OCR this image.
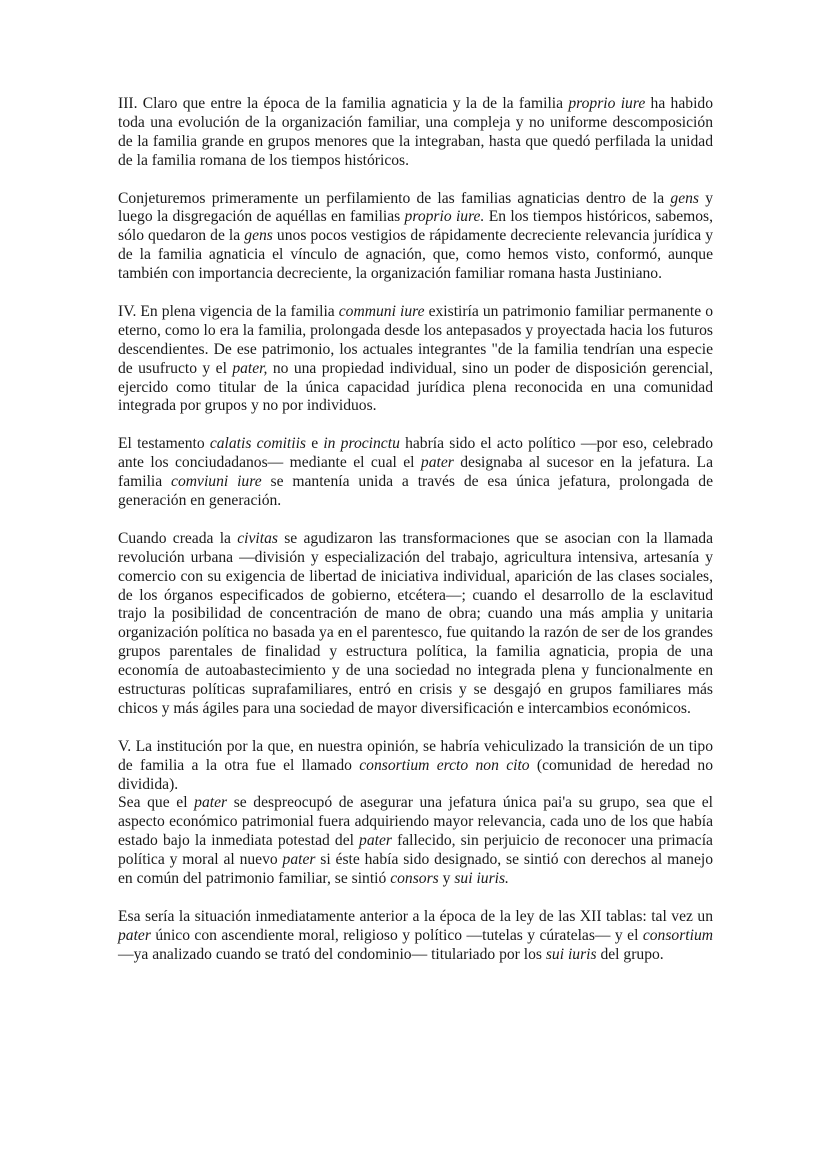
III. Claro que entre la época de la familia agnaticia y la de la familia proprio iure ha habido toda una evolución de la organización familiar, una compleja y no uniforme descomposición de la familia grande en grupos menores que la integraban, hasta que quedó perfilada la unidad de la familia romana de los tiempos históricos.

Conjeturemos primeramente un perfilamiento de las familias agnaticias dentro de la gens y luego la disgregación de aquéllas en familias proprio iure. En los tiempos históricos, sabemos, sólo quedaron de la gens unos pocos vestigios de rápidamente decreciente relevancia jurídica y de la familia agnaticia el vínculo de agnación, que, como hemos visto, conformó, aunque también con importancia decreciente, la organización familiar romana hasta Justiniano.

IV. En plena vigencia de la familia communi iure existiría un patrimonio familiar permanente o eterno, como lo era la familia, prolongada desde los antepasados y proyectada hacia los futuros descendientes. De ese patrimonio, los actuales integrantes "de la familia tendrían una especie de usufructo y el pater, no una propiedad individual, sino un poder de disposición gerencial, ejercido como titular de la única capacidad jurídica plena reconocida en una comunidad integrada por grupos y no por individuos.

El testamento calatis comitiis e in procinctu habría sido el acto político —por eso, celebrado ante los conciudadanos— mediante el cual el pater designaba al sucesor en la jefatura. La familia comviuni iure se mantenía unida a través de esa única jefatura, prolongada de generación en generación.

Cuando creada la civitas se agudizaron las transformaciones que se asocian con la llamada revolución urbana —división y especialización del trabajo, agricultura intensiva, artesanía y comercio con su exigencia de libertad de iniciativa individual, aparición de las clases sociales, de los órganos especificados de gobierno, etcétera—; cuando el desarrollo de la esclavitud trajo la posibilidad de concentración de mano de obra; cuando una más amplia y unitaria organización política no basada ya en el parentesco, fue quitando la razón de ser de los grandes grupos parentales de finalidad y estructura política, la familia agnaticia, propia de una economía de autoabastecimiento y de una sociedad no integrada plena y funcionalmente en estructuras políticas suprafamiliares, entró en crisis y se desgajó en grupos familiares más chicos y más ágiles para una sociedad de mayor diversificación e intercambios económicos.

V. La institución por la que, en nuestra opinión, se habría vehiculizado la transición de un tipo de familia a la otra fue el llamado consortium ercto non cito (comunidad de heredad no dividida).

Sea que el pater se despreocupó de asegurar una jefatura única pai'a su grupo, sea que el aspecto económico patrimonial fuera adquiriendo mayor relevancia, cada uno de los que había estado bajo la inmediata potestad del pater fallecido, sin perjuicio de reconocer una primacía política y moral al nuevo pater si éste había sido designado, se sintió con derechos al manejo en común del patrimonio familiar, se sintió consors y sui iuris.

Esa sería la situación inmediatamente anterior a la época de la ley de las XII tablas: tal vez un pater único con ascendiente moral, religioso y político —tutelas y cúratelas— y el consortium —ya analizado cuando se trató del condominio— titulariado por los sui iuris del grupo.
